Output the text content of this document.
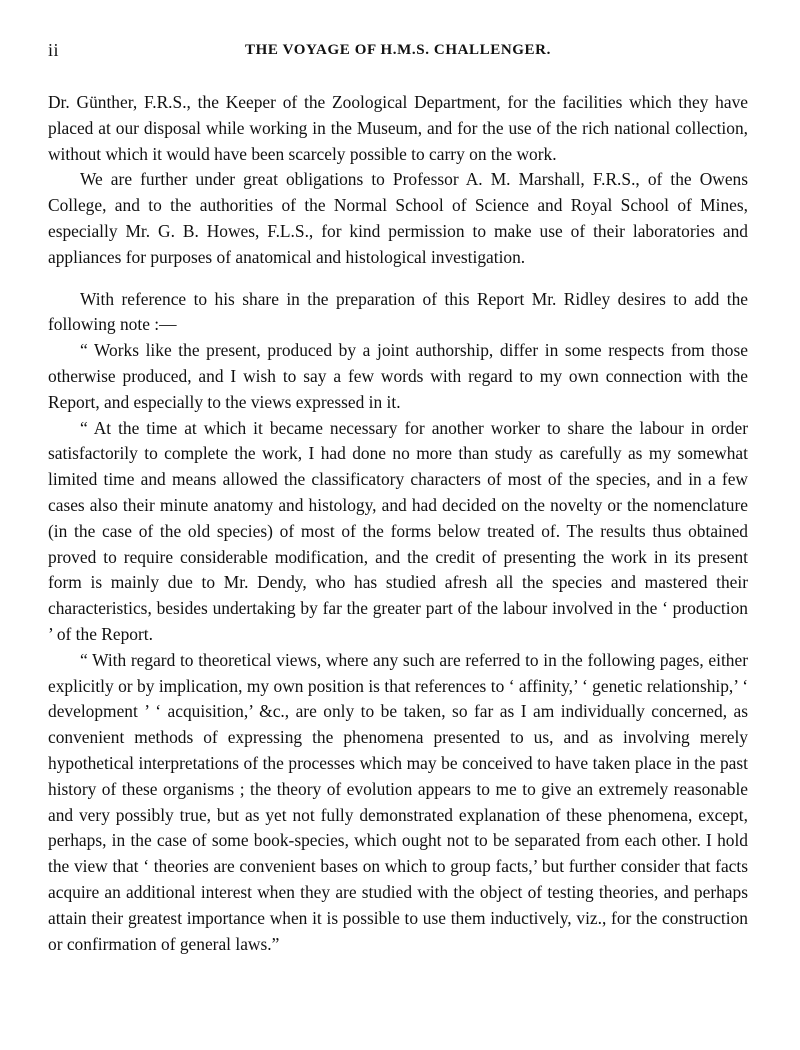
ii	THE VOYAGE OF H.M.S. CHALLENGER.

Dr. Günther, F.R.S., the Keeper of the Zoological Department, for the facilities which they have placed at our disposal while working in the Museum, and for the use of the rich national collection, without which it would have been scarcely possible to carry on the work.

We are further under great obligations to Professor A. M. Marshall, F.R.S., of the Owens College, and to the authorities of the Normal School of Science and Royal School of Mines, especially Mr. G. B. Howes, F.L.S., for kind permission to make use of their laboratories and appliances for purposes of anatomical and histological investigation.

With reference to his share in the preparation of this Report Mr. Ridley desires to add the following note :—

“ Works like the present, produced by a joint authorship, differ in some respects from those otherwise produced, and I wish to say a few words with regard to my own connection with the Report, and especially to the views expressed in it.

“ At the time at which it became necessary for another worker to share the labour in order satisfactorily to complete the work, I had done no more than study as carefully as my somewhat limited time and means allowed the classificatory characters of most of the species, and in a few cases also their minute anatomy and histology, and had decided on the novelty or the nomenclature (in the case of the old species) of most of the forms below treated of. The results thus obtained proved to require considerable modification, and the credit of presenting the work in its present form is mainly due to Mr. Dendy, who has studied afresh all the species and mastered their characteristics, besides undertaking by far the greater part of the labour involved in the ‘ production ’ of the Report.

“ With regard to theoretical views, where any such are referred to in the following pages, either explicitly or by implication, my own position is that references to ‘ affinity,’ ‘ genetic relationship,’ ‘ development ’ ‘ acquisition,’ &c., are only to be taken, so far as I am individually concerned, as convenient methods of expressing the phenomena presented to us, and as involving merely hypothetical interpretations of the processes which may be conceived to have taken place in the past history of these organisms ; the theory of evolution appears to me to give an extremely reasonable and very possibly true, but as yet not fully demonstrated explanation of these phenomena, except, perhaps, in the case of some book-species, which ought not to be separated from each other. I hold the view that ‘ theories are convenient bases on which to group facts,’ but further consider that facts acquire an additional interest when they are studied with the object of testing theories, and perhaps attain their greatest importance when it is possible to use them inductively, viz., for the construction or confirmation of general laws.”
